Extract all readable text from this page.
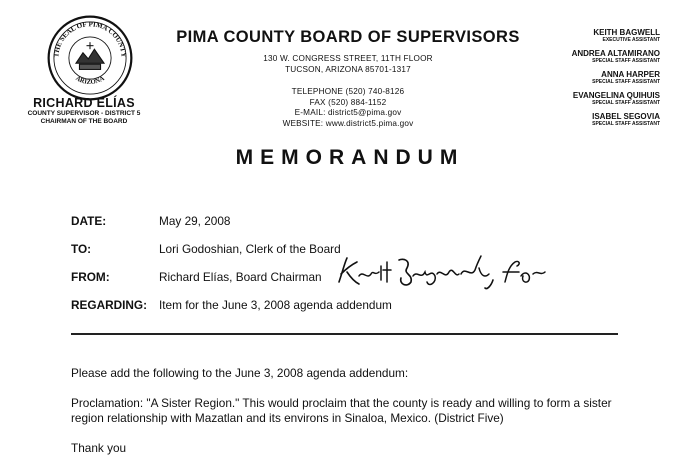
THE SEAL OF PIMA COUNTY
ARIZONA
RICHARD ELÍAS
COUNTY SUPERVISOR - DISTRICT 5
CHAIRMAN OF THE BOARD
PIMA COUNTY BOARD OF SUPERVISORS
130 W. CONGRESS STREET, 11TH FLOOR
TUCSON, ARIZONA 85701-1317
TELEPHONE (520) 740-8126
FAX (520) 884-1152
E-MAIL: district5@pima.gov
WEBSITE: www.district5.pima.gov
KEITH BAGWELL
EXECUTIVE ASSISTANT
ANDREA ALTAMIRANO
SPECIAL STAFF ASSISTANT
ANNA HARPER
SPECIAL STAFF ASSISTANT
EVANGELINA QUIHUIS
SPECIAL STAFF ASSISTANT
ISABEL SEGOVIA
SPECIAL STAFF ASSISTANT
MEMORANDUM
DATE:	May 29, 2008
TO:	Lori Godoshian, Clerk of the Board
FROM:	Richard Elías, Board Chairman
REGARDING: Item for the June 3, 2008 agenda addendum

Please add the following to the June 3, 2008 agenda addendum:

Proclamation: "A Sister Region." This would proclaim that the county is ready and willing to form a sister region relationship with Mazatlan and its environs in Sinaloa, Mexico. (District Five)

Thank you
